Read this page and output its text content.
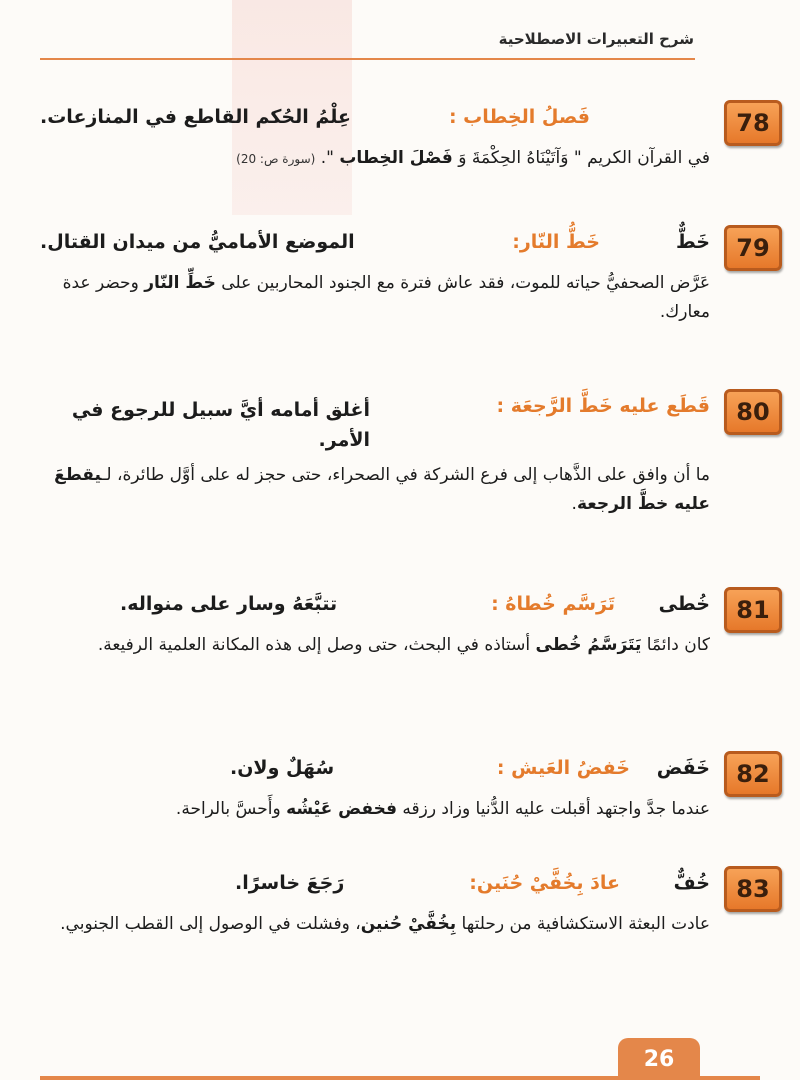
شرح التعبيرات الاصطلاحية
78
فَصلُ الخِطاب :
عِلْمُ الحُكم القاطع في المنازعات.
في القرآن الكريم " وَآتَيْنَاهُ الحِكْمَةَ وَ فَصْلَ الخِطاب ". (سورة ص: 20)
79
خَطٌّ
خَطُّ النّار:
الموضع الأماميُّ من ميدان القتال.
عَرَّض الصحفيُّ حياته للموت، فقد عاش فترة مع الجنود المحاربين على خَطِّ النّار وحضر عدة معارك.
80
قَطَع عليه خَطَّ الرَّجعَة :
أغلق أمامه أيَّ سبيل للرجوع في الأمر.
ما أن وافق على الذَّهاب إلى فرع الشركة في الصحراء، حتى حجز له على أوَّل طائرة، لـيقطعَ عليه خطَّ الرجعة.
81
خُطى
تَرَسَّم خُطاهُ :
تتبَّعَهُ وسار على منواله.
كان دائمًا يَتَرَسَّمُ خُطى أستاذه في البحث، حتى وصل إلى هذه المكانة العلمية الرفيعة.
82
خَفَض
خَفضُ العَيش :
سُهَلٌ ولان.
عندما جدَّ واجتهد أقبلت عليه الدُّنيا وزاد رزقه فخفض عَيْشُه وأَحسَّ بالراحة.
83
خُفٌّ
عادَ بِخُفَّيْ حُنَين:
رَجَعَ خاسرًا.
عادت البعثة الاستكشافية من رحلتها بِخُفَّيْ حُنين، وفشلت في الوصول إلى القطب الجنوبي.
26
